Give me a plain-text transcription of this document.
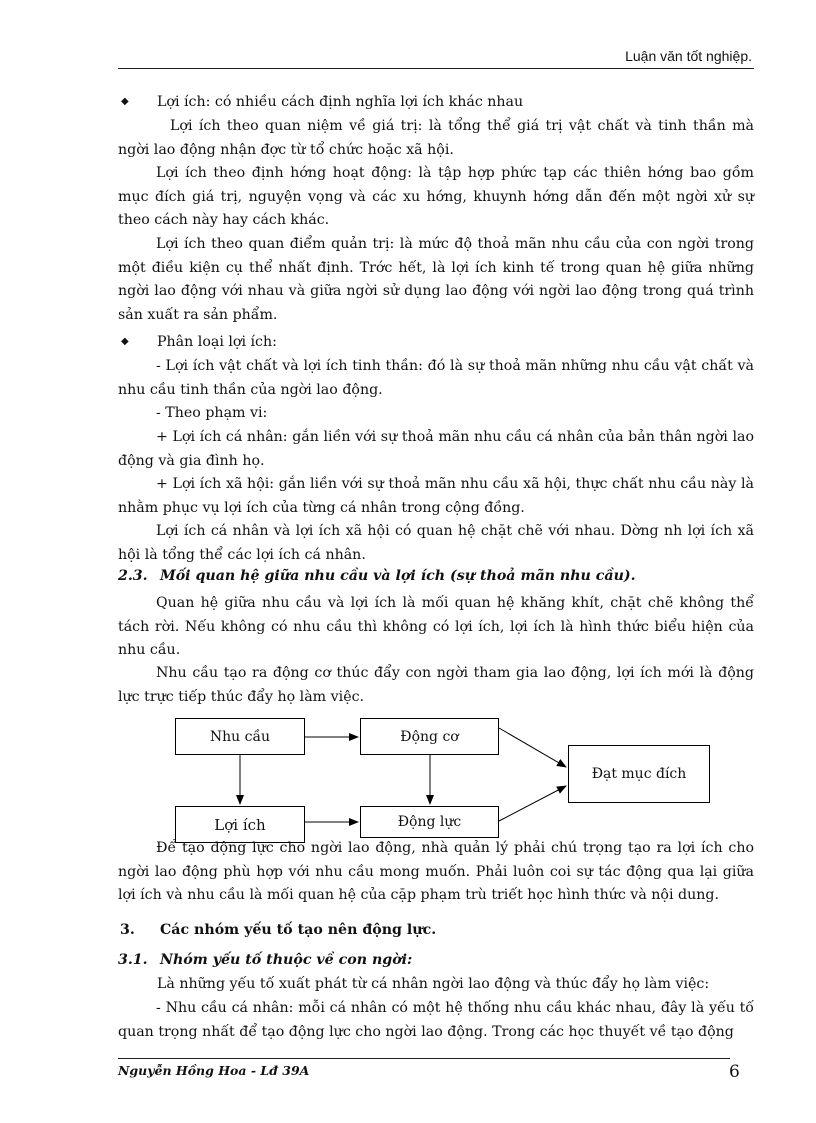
Luận văn tốt nghiệp.
◆ Lợi ích: có nhiều cách định nghĩa lợi ích khác nhau

Lợi ích theo quan niệm về giá trị: là tổng thể giá trị vật chất và tinh thần mà ngời lao động nhận đợc từ tổ chức hoặc xã hội.

Lợi ích theo định hớng hoạt động: là tập hợp phức tạp các thiên hớng bao gồm mục đích giá trị, nguyện vọng và các xu hớng, khuynh hớng dẫn đến một ngời xử sự theo cách này hay cách khác.

Lợi ích theo quan điểm quản trị: là mức độ thoả mãn nhu cầu của con ngời trong một điều kiện cụ thể nhất định. Trớc hết, là lợi ích kinh tế trong quan hệ giữa những ngời lao động với nhau và giữa ngời sử dụng lao động với ngời lao động trong quá trình sản xuất ra sản phẩm.

◆ Phân loại lợi ích:

- Lợi ích vật chất và lợi ích tinh thần: đó là sự thoả mãn những nhu cầu vật chất và nhu cầu tinh thần của ngời lao động.

- Theo phạm vi:

+ Lợi ích cá nhân: gắn liền với sự thoả mãn nhu cầu cá nhân của bản thân ngời lao động và gia đình họ.

+ Lợi ích xã hội: gắn liền với sự thoả mãn nhu cầu xã hội, thực chất nhu cầu này là nhằm phục vụ lợi ích của từng cá nhân trong cộng đồng.

Lợi ích cá nhân và lợi ích xã hội có quan hệ chặt chẽ với nhau. Dờng nh lợi ích xã hội là tổng thể các lợi ích cá nhân.

2.3. Mối quan hệ giữa nhu cầu và lợi ích (sự thoả mãn nhu cầu).

Quan hệ giữa nhu cầu và lợi ích là mối quan hệ khăng khít, chặt chẽ không thể tách rời. Nếu không có nhu cầu thì không có lợi ích, lợi ích là hình thức biểu hiện của nhu cầu.

Nhu cầu tạo ra động cơ thúc đẩy con ngời tham gia lao động, lợi ích mới là động lực trực tiếp thúc đẩy họ làm việc.

Nhu cầu	Động cơ
Đạt mục đích
Lợi ích	Động lực

Để tạo động lực cho ngời lao động, nhà quản lý phải chú trọng tạo ra lợi ích cho ngời lao động phù hợp với nhu cầu mong muốn. Phải luôn coi sự tác động qua lại giữa lợi ích và nhu cầu là mối quan hệ của cặp phạm trù triết học hình thức và nội dung.

3. Các nhóm yếu tố tạo nên động lực.
3.1. Nhóm yếu tố thuộc về con ngời:

Là những yếu tố xuất phát từ cá nhân ngời lao động và thúc đẩy họ làm việc:

- Nhu cầu cá nhân: mỗi cá nhân có một hệ thống nhu cầu khác nhau, đây là yếu tố quan trọng nhất để tạo động lực cho ngời lao động. Trong các học thuyết về tạo động

Nguyễn Hồng Hoa - Lđ 39A	6
